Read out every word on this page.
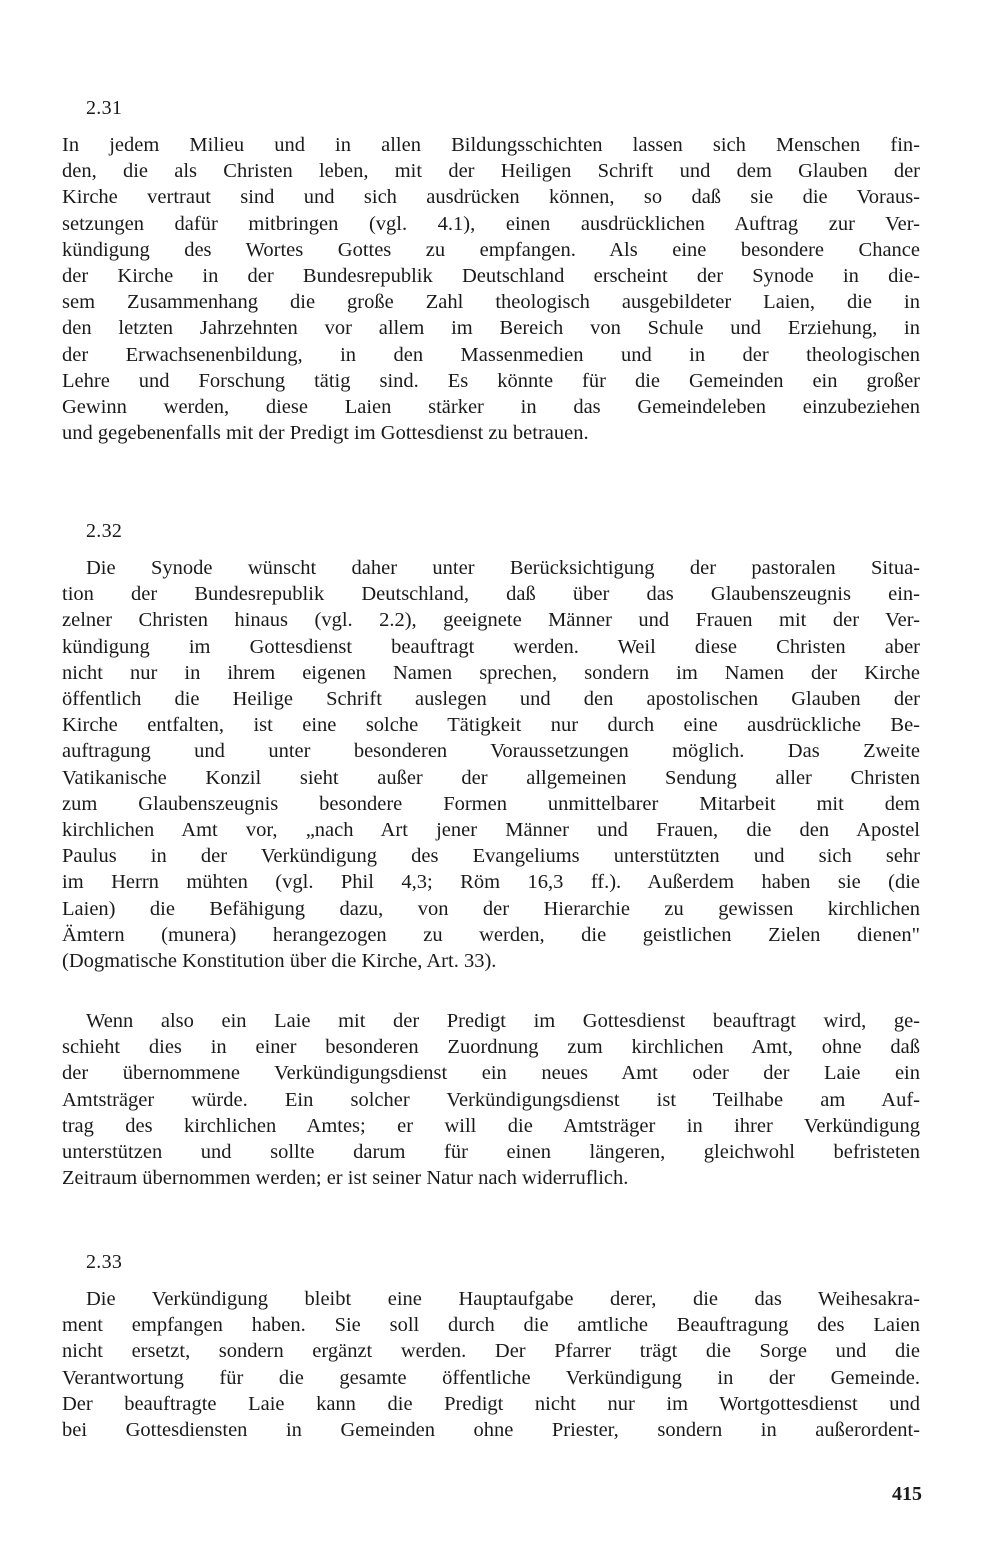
2.31
In jedem Milieu und in allen Bildungsschichten lassen sich Menschen fin-
den, die als Christen leben, mit der Heiligen Schrift und dem Glauben der
Kirche vertraut sind und sich ausdrücken können, so daß sie die Voraus-
setzungen dafür mitbringen (vgl. 4.1), einen ausdrücklichen Auftrag zur Ver-
kündigung des Wortes Gottes zu empfangen. Als eine besondere Chance
der Kirche in der Bundesrepublik Deutschland erscheint der Synode in die-
sem Zusammenhang die große Zahl theologisch ausgebildeter Laien, die in
den letzten Jahrzehnten vor allem im Bereich von Schule und Erziehung, in
der Erwachsenenbildung, in den Massenmedien und in der theologischen
Lehre und Forschung tätig sind. Es könnte für die Gemeinden ein großer
Gewinn werden, diese Laien stärker in das Gemeindeleben einzubeziehen
und gegebenenfalls mit der Predigt im Gottesdienst zu betrauen.
2.32
Die Synode wünscht daher unter Berücksichtigung der pastoralen Situa-
tion der Bundesrepublik Deutschland, daß über das Glaubenszeugnis ein-
zelner Christen hinaus (vgl. 2.2), geeignete Männer und Frauen mit der Ver-
kündigung im Gottesdienst beauftragt werden. Weil diese Christen aber
nicht nur in ihrem eigenen Namen sprechen, sondern im Namen der Kirche
öffentlich die Heilige Schrift auslegen und den apostolischen Glauben der
Kirche entfalten, ist eine solche Tätigkeit nur durch eine ausdrückliche Be-
auftragung und unter besonderen Voraussetzungen möglich. Das Zweite
Vatikanische Konzil sieht außer der allgemeinen Sendung aller Christen
zum Glaubenszeugnis besondere Formen unmittelbarer Mitarbeit mit dem
kirchlichen Amt vor, „nach Art jener Männer und Frauen, die den Apostel
Paulus in der Verkündigung des Evangeliums unterstützten und sich sehr
im Herrn mühten (vgl. Phil 4,3; Röm 16,3 ff.). Außerdem haben sie (die
Laien) die Befähigung dazu, von der Hierarchie zu gewissen kirchlichen
Ämtern (munera) herangezogen zu werden, die geistlichen Zielen dienen"
(Dogmatische Konstitution über die Kirche, Art. 33).
Wenn also ein Laie mit der Predigt im Gottesdienst beauftragt wird, ge-
schieht dies in einer besonderen Zuordnung zum kirchlichen Amt, ohne daß
der übernommene Verkündigungsdienst ein neues Amt oder der Laie ein
Amtsträger würde. Ein solcher Verkündigungsdienst ist Teilhabe am Auf-
trag des kirchlichen Amtes; er will die Amtsträger in ihrer Verkündigung
unterstützen und sollte darum für einen längeren, gleichwohl befristeten
Zeitraum übernommen werden; er ist seiner Natur nach widerruflich.
2.33
Die Verkündigung bleibt eine Hauptaufgabe derer, die das Weihesakra-
ment empfangen haben. Sie soll durch die amtliche Beauftragung des Laien
nicht ersetzt, sondern ergänzt werden. Der Pfarrer trägt die Sorge und die
Verantwortung für die gesamte öffentliche Verkündigung in der Gemeinde.
Der beauftragte Laie kann die Predigt nicht nur im Wortgottesdienst und
bei Gottesdiensten in Gemeinden ohne Priester, sondern in außerordent-
415
